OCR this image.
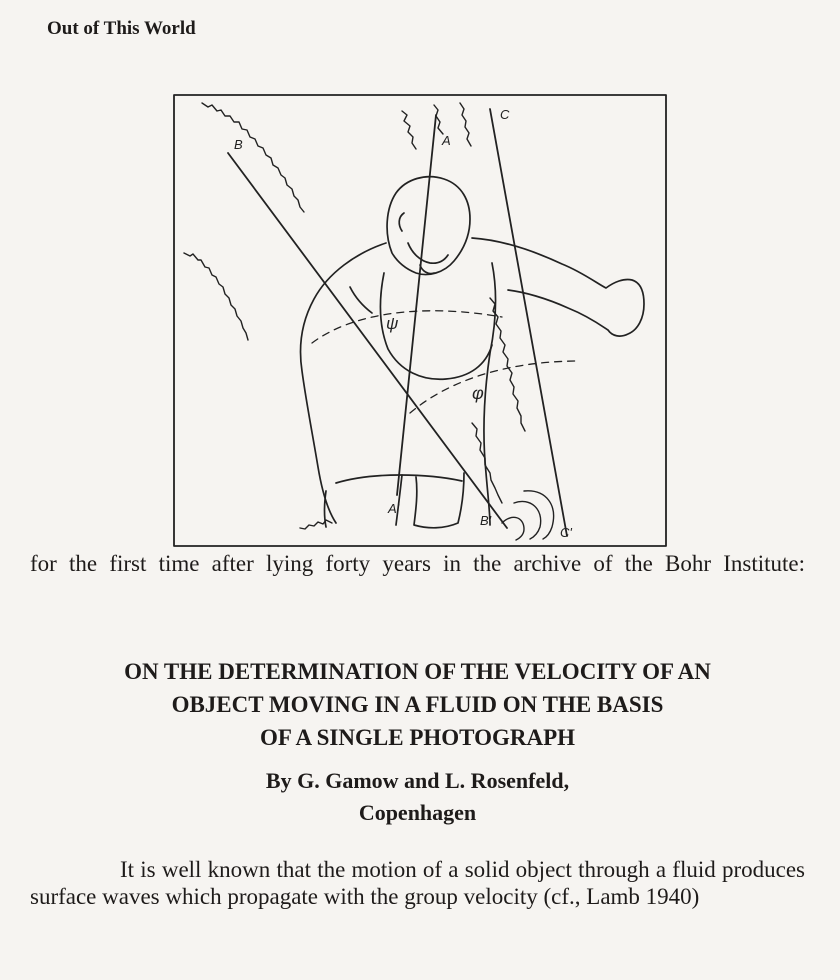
Out of This World
B	A
C
A'
B'
C'
ψ
φ
for the first time after lying forty years in the archive of the Bohr Institute:
ON THE DETERMINATION OF THE VELOCITY OF AN
OBJECT MOVING IN A FLUID ON THE BASIS
OF A SINGLE PHOTOGRAPH
By G. Gamow and L. Rosenfeld,
Copenhagen
It is well known that the motion of a solid object through a fluid produces surface waves which propagate with the group velocity (cf., Lamb 1940)
